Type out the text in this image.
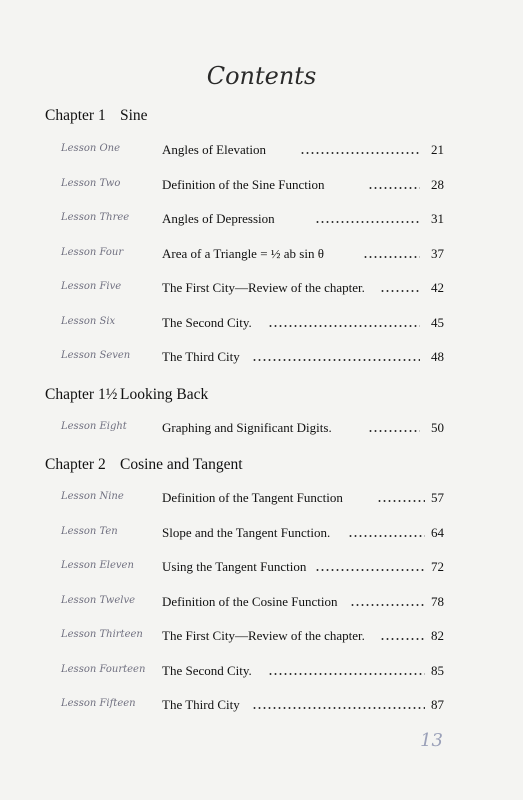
Contents
Chapter 1 Sine
Lesson One	Angles of Elevation	21
Lesson Two	Definition of the Sine Function	28
Lesson Three	Angles of Depression	31
Lesson Four	Area of a Triangle = ½ ab sin θ	37
Lesson Five	The First City—Review of the chapter.	42
Lesson Six	The Second City.	45
Lesson Seven The Third City	48
Chapter 1½ Looking Back
Lesson Eight	Graphing and Significant Digits.	50
Chapter 2 Cosine and Tangent
Lesson Nine	Definition of the Tangent Function	57
Lesson Ten	Slope and the Tangent Function.	64
Lesson Eleven Using the Tangent Function	72
Lesson Twelve Definition of the Cosine Function	78
Lesson Thirteen The First City—Review of the chapter.	82
Lesson Fourteen The Second City.	85
Lesson Fifteen The Third City	87
13
